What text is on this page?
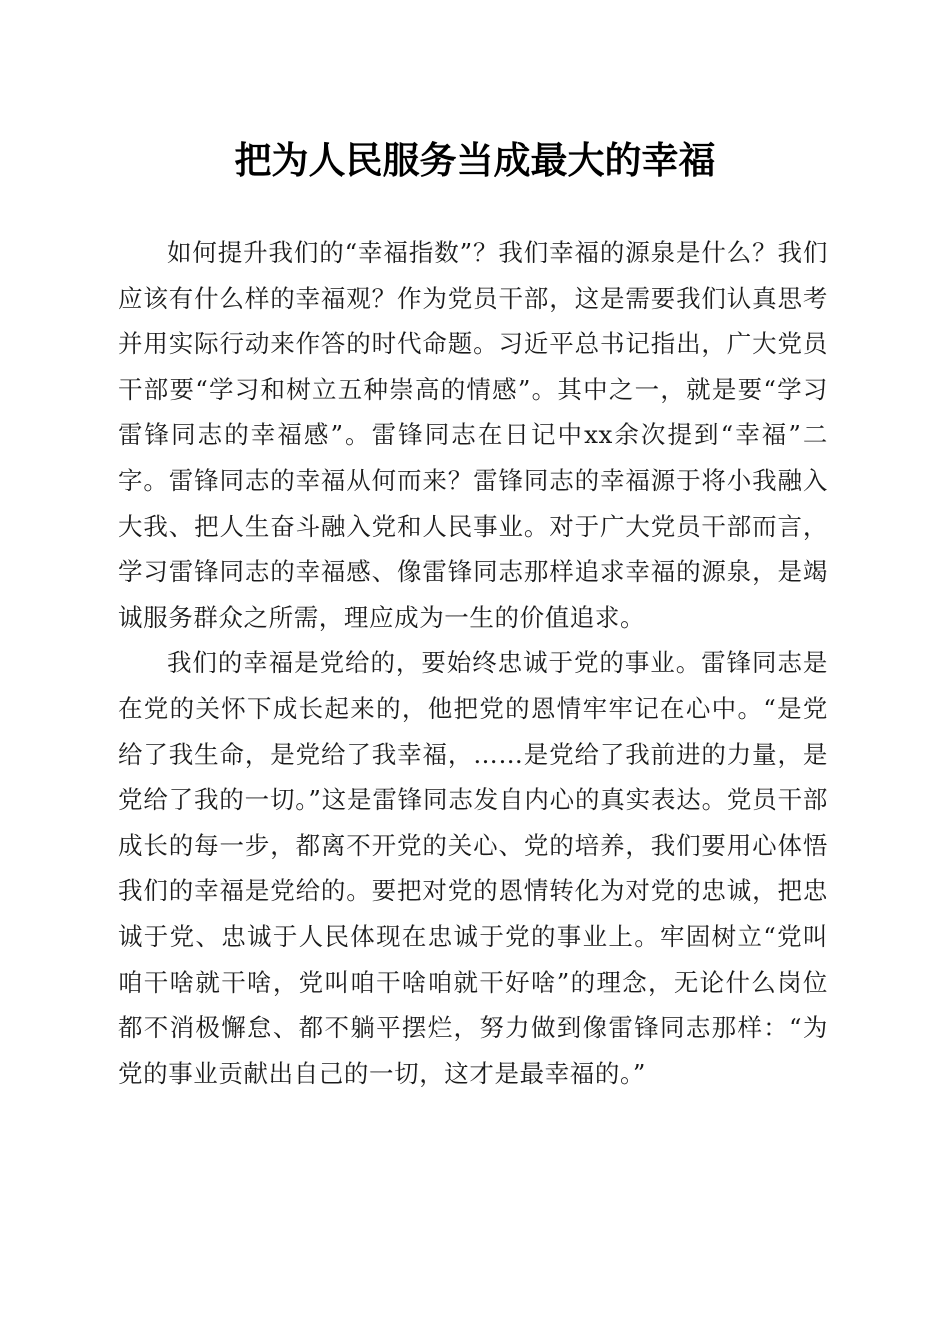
把为人民服务当成最大的幸福

如何提升我们的“幸福指数”？我们幸福的源泉是什么？我们应该有什么样的幸福观？作为党员干部，这是需要我们认真思考并用实际行动来作答的时代命题。习近平总书记指出，广大党员干部要“学习和树立五种崇高的情感”。其中之一，就是要“学习雷锋同志的幸福感”。雷锋同志在日记中xx余次提到“幸福”二字。雷锋同志的幸福从何而来？雷锋同志的幸福源于将小我融入大我、把人生奋斗融入党和人民事业。对于广大党员干部而言，学习雷锋同志的幸福感、像雷锋同志那样追求幸福的源泉，是竭诚服务群众之所需，理应成为一生的价值追求。

我们的幸福是党给的，要始终忠诚于党的事业。雷锋同志是在党的关怀下成长起来的，他把党的恩情牢牢记在心中。“是党给了我生命，是党给了我幸福，……是党给了我前进的力量，是党给了我的一切。”这是雷锋同志发自内心的真实表达。党员干部成长的每一步，都离不开党的关心、党的培养，我们要用心体悟我们的幸福是党给的。要把对党的恩情转化为对党的忠诚，把忠诚于党、忠诚于人民体现在忠诚于党的事业上。牢固树立“党叫咱干啥就干啥，党叫咱干啥咱就干好啥”的理念，无论什么岗位都不消极懈怠、都不躺平摆烂，努力做到像雷锋同志那样：“为党的事业贡献出自己的一切，这才是最幸福的。”
